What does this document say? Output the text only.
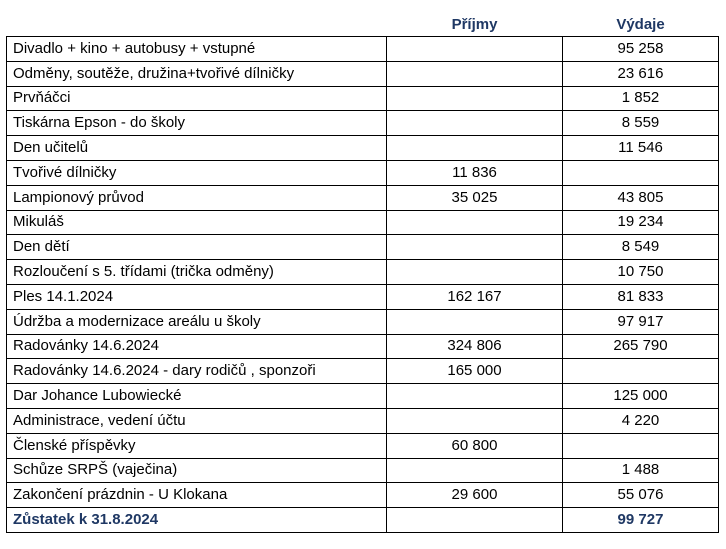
	Příjmy	Výdaje
Divadlo + kino + autobusy + vstupné		95 258
Odměny, soutěže, družina+tvořivé dílničky		23 616
Prvňáčci		1 852
Tiskárna Epson - do školy		8 559
Den učitelů		11 546
Tvořivé dílničky	11 836	
Lampionový průvod	35 025	43 805
Mikuláš		19 234
Den dětí		8 549
Rozloučení s 5. třídami (trička odměny)		10 750
Ples 14.1.2024	162 167	81 833
Údržba a modernizace areálu u školy		97 917
Radovánky 14.6.2024	324 806	265 790
Radovánky 14.6.2024 - dary rodičů , sponzoři	165 000	
Dar Johance Lubowiecké		125 000
Administrace, vedení účtu		4 220
Členské příspěvky	60 800	
Schůze SRPŠ (vaječina)		1 488
Zakončení prázdnin - U Klokana	29 600	55 076
Zůstatek k 31.8.2024		99 727
